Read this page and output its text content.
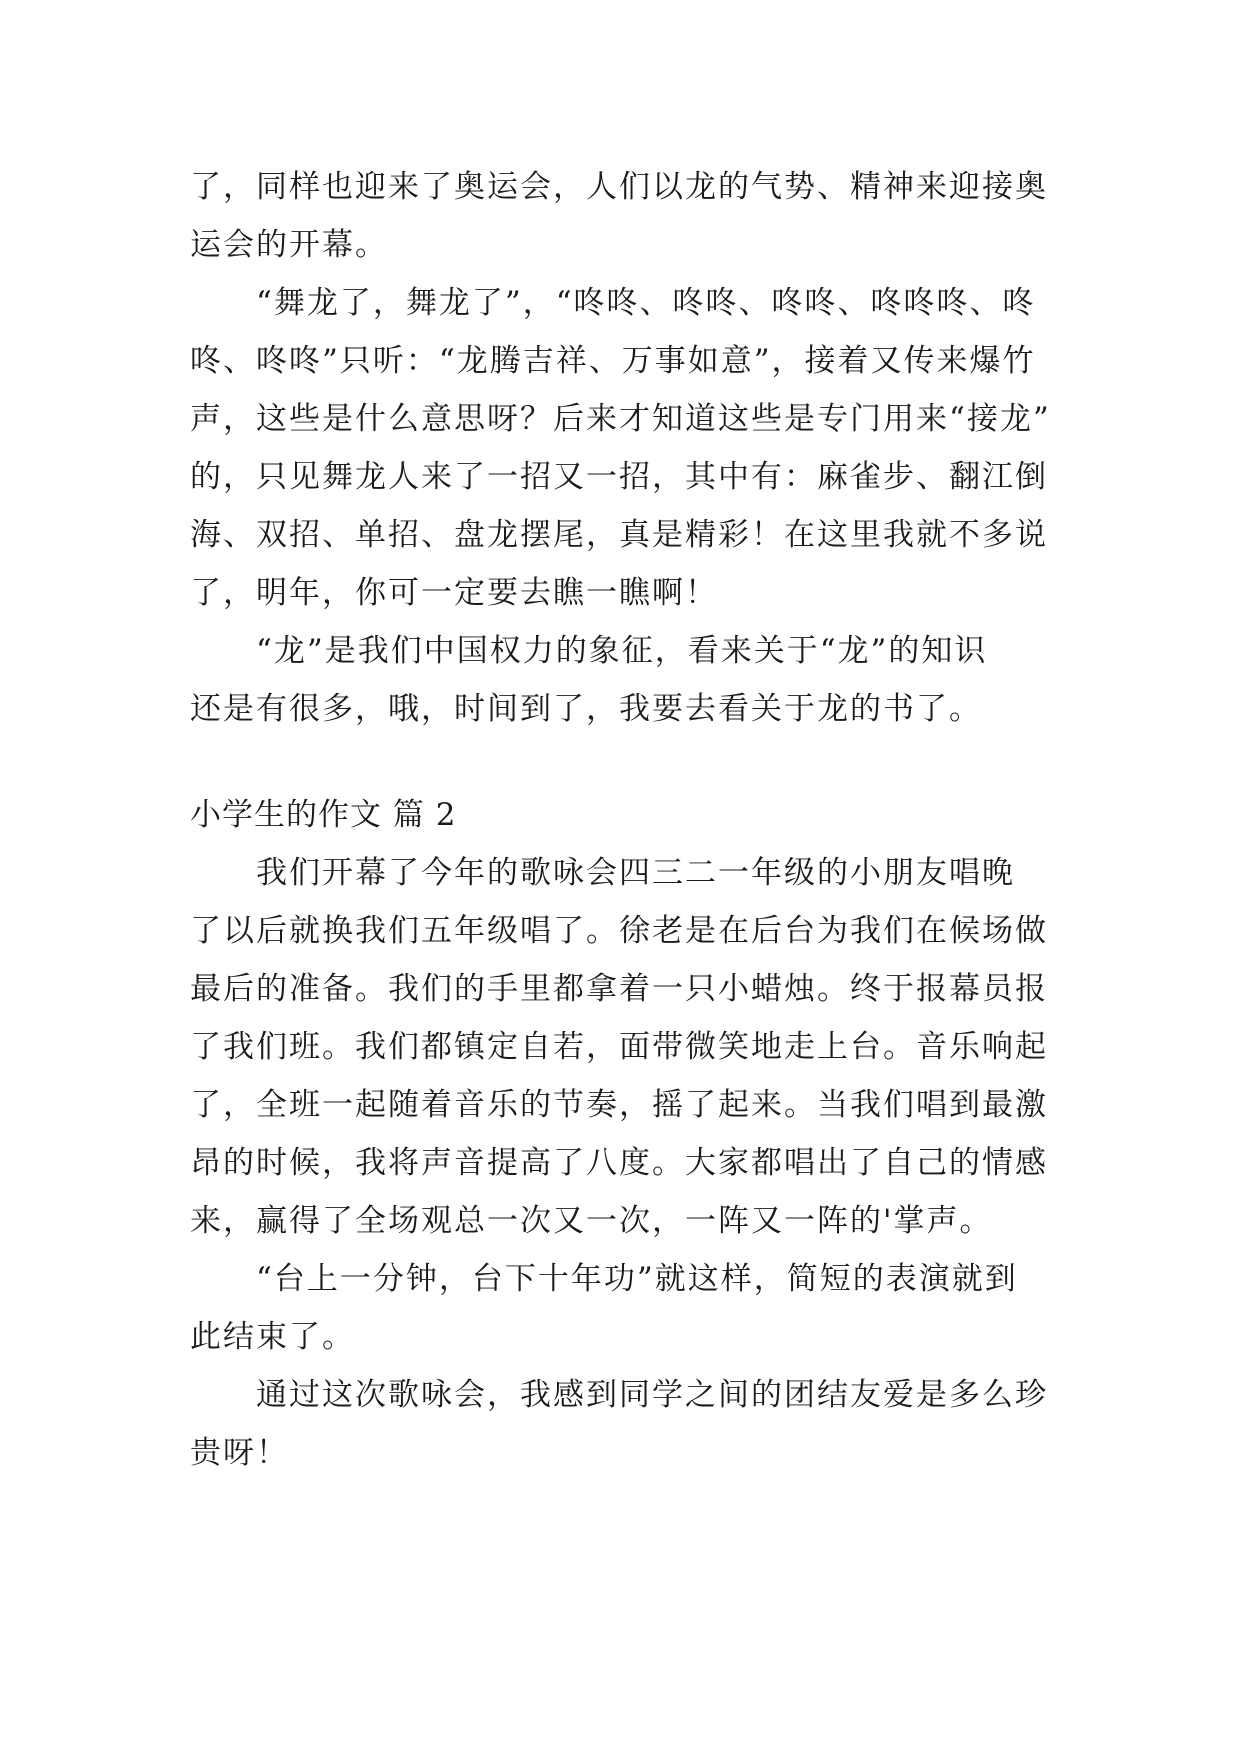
了，同样也迎来了奥运会，人们以龙的气势、精神来迎接奥
运会的开幕。
“舞龙了，舞龙了”，“咚咚、咚咚、咚咚、咚咚咚、咚
咚、咚咚”只听：“龙腾吉祥、万事如意”，接着又传来爆竹
声，这些是什么意思呀？后来才知道这些是专门用来“接龙”
的，只见舞龙人来了一招又一招，其中有：麻雀步、翻江倒
海、双招、单招、盘龙摆尾，真是精彩！在这里我就不多说
了，明年，你可一定要去瞧一瞧啊！
“龙”是我们中国权力的象征，看来关于“龙”的知识
还是有很多，哦，时间到了，我要去看关于龙的书了。
小学生的作文 篇 2
我们开幕了今年的歌咏会四三二一年级的小朋友唱晚
了以后就换我们五年级唱了。徐老是在后台为我们在候场做
最后的准备。我们的手里都拿着一只小蜡烛。终于报幕员报
了我们班。我们都镇定自若，面带微笑地走上台。音乐响起
了，全班一起随着音乐的节奏，摇了起来。当我们唱到最激
昂的时候，我将声音提高了八度。大家都唱出了自己的情感
来，赢得了全场观总一次又一次，一阵又一阵的'掌声。
“台上一分钟，台下十年功”就这样，简短的表演就到
此结束了。
通过这次歌咏会，我感到同学之间的团结友爱是多么珍
贵呀！
